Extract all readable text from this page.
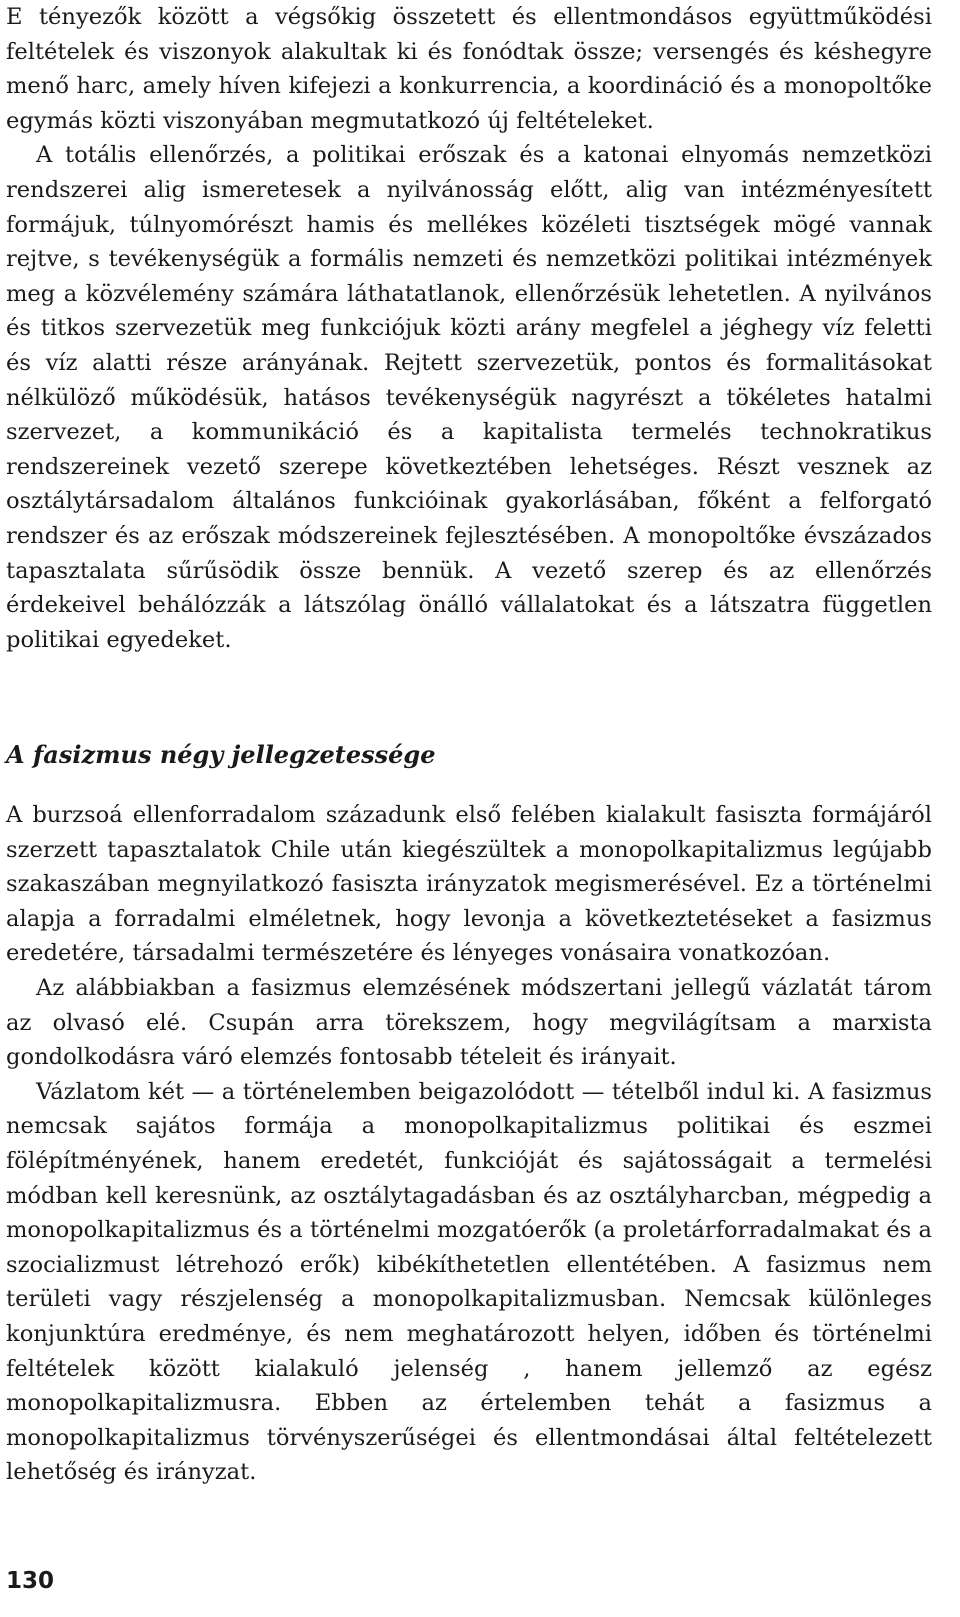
E tényezők között a végsőkig összetett és ellentmondásos együttműködési feltételek és viszonyok alakultak ki és fonódtak össze; versengés és késhegyre menő harc, amely híven kifejezi a konkurrencia, a koordináció és a monopoltőke egymás közti viszonyában megmutatkozó új feltételeket.

A totális ellenőrzés, a politikai erőszak és a katonai elnyomás nemzetközi rendszerei alig ismeretesek a nyilvánosság előtt, alig van intézményesített formájuk, túlnyomórészt hamis és mellékes közéleti tisztségek mögé vannak rejtve, s tevékenységük a formális nemzeti és nemzetközi politikai intézmények meg a közvélemény számára láthatatlanok, ellenőrzésük lehetetlen. A nyilvános és titkos szervezetük meg funkciójuk közti arány megfelel a jéghegy víz feletti és víz alatti része arányának. Rejtett szervezetük, pontos és formalitásokat nélkülöző működésük, hatásos tevékenységük nagyrészt a tökéletes hatalmi szervezet, a kommunikáció és a kapitalista termelés technokratikus rendszereinek vezető szerepe következtében lehetséges. Részt vesznek az osztálytársadalom általános funkcióinak gyakorlásában, főként a felforgató rendszer és az erőszak módszereinek fejlesztésében. A monopoltőke évszázados tapasztalata sűrűsödik össze bennük. A vezető szerep és az ellenőrzés érdekeivel behálózzák a látszólag önálló vállalatokat és a látszatra független politikai egyedeket.

A fasizmus négy jellegzetessége

A burzsoá ellenforradalom századunk első felében kialakult fasiszta formájáról szerzett tapasztalatok Chile után kiegészültek a monopolkapitalizmus legújabb szakaszában megnyilatkozó fasiszta irányzatok megismerésével. Ez a történelmi alapja a forradalmi elméletnek, hogy levonja a következtetéseket a fasizmus eredetére, társadalmi természetére és lényeges vonásaira vonatkozóan.

Az alábbiakban a fasizmus elemzésének módszertani jellegű vázlatát tárom az olvasó elé. Csupán arra törekszem, hogy megvilágítsam a marxista gondolkodásra váró elemzés fontosabb tételeit és irányait.

Vázlatom két — a történelemben beigazolódott — tételből indul ki. A fasizmus nemcsak sajátos formája a monopolkapitalizmus politikai és eszmei fölépítményének, hanem eredetét, funkcióját és sajátosságait a termelési módban kell keresnünk, az osztálytagadásban és az osztályharcban, mégpedig a monopolkapitalizmus és a történelmi mozgatóerők (a proletárforradalmakat és a szocializmust létrehozó erők) kibékíthetetlen ellentétében. A fasizmus nem területi vagy részjelenség a monopolkapitalizmusban. Nemcsak különleges konjunktúra eredménye, és nem meghatározott helyen, időben és történelmi feltételek között kialakuló jelenség , hanem jellemző az egész monopolkapitalizmusra. Ebben az értelemben tehát a fasizmus a monopolkapitalizmus törvényszerűségei és ellentmondásai által feltételezett lehetőség és irányzat.

130
